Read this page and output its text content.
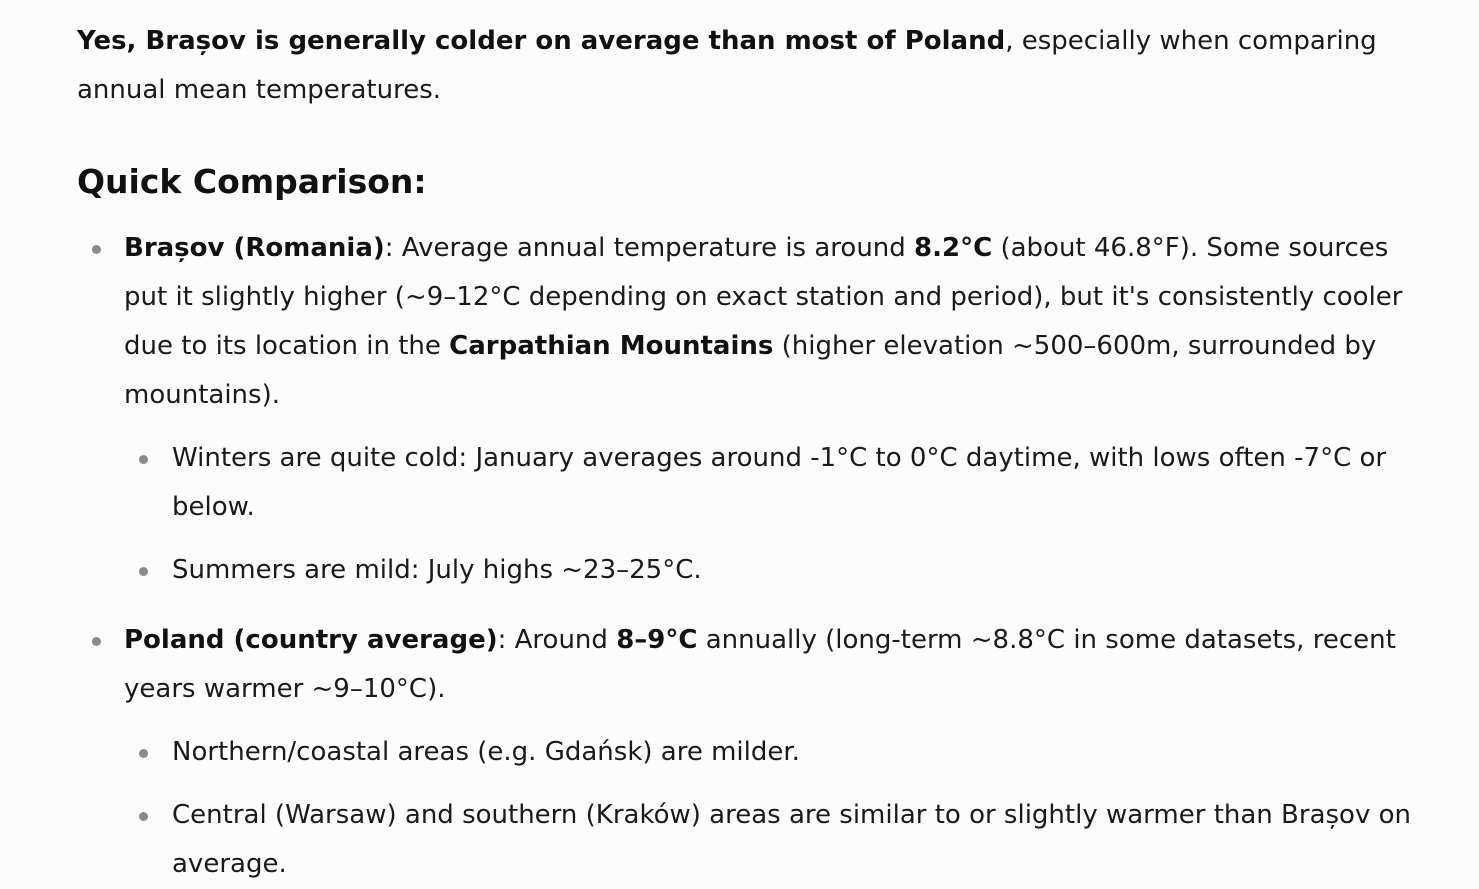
Yes, Brașov is generally colder on average than most of Poland, especially when comparing annual mean temperatures.

Quick Comparison:
Brașov (Romania): Average annual temperature is around 8.2°C (about 46.8°F). Some sources put it slightly higher (~9–12°C depending on exact station and period), but it's consistently cooler due to its location in the Carpathian Mountains (higher elevation ~500–600m, surrounded by mountains).
Winters are quite cold: January averages around -1°C to 0°C daytime, with lows often -7°C or below.
Summers are mild: July highs ~23–25°C.
Poland (country average): Around 8–9°C annually (long-term ~8.8°C in some datasets, recent years warmer ~9–10°C).
Northern/coastal areas (e.g. Gdańsk) are milder.
Central (Warsaw) and southern (Kraków) areas are similar to or slightly warmer than Brașov on average.
